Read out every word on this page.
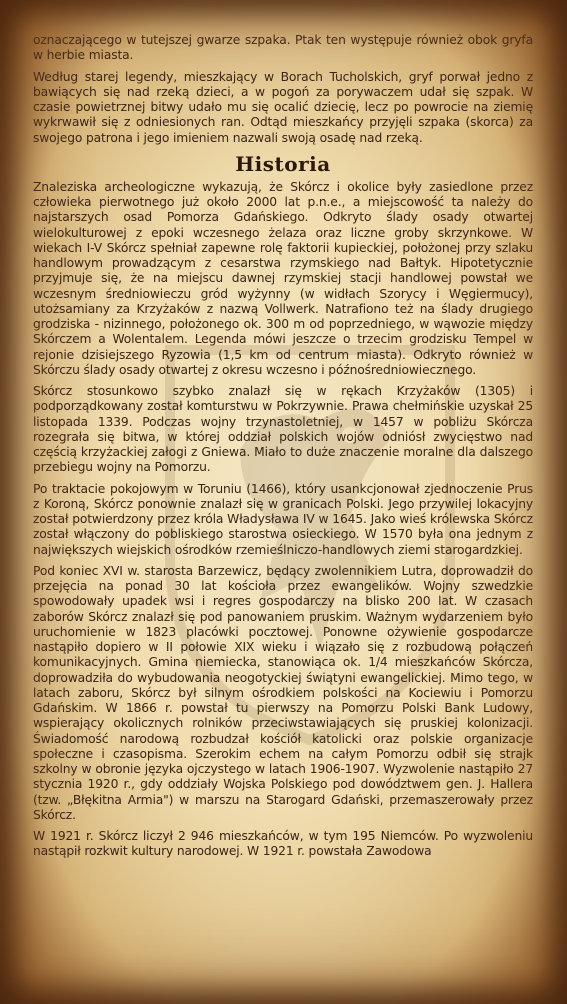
oznaczającego w tutejszej gwarze szpaka. Ptak ten występuje również obok gryfa w herbie miasta.

Według starej legendy, mieszkający w Borach Tucholskich, gryf porwał jedno z bawiących się nad rzeką dzieci, a w pogoń za porywaczem udał się szpak. W czasie powietrznej bitwy udało mu się ocalić dziecię, lecz po powrocie na ziemię wykrwawił się z odniesionych ran. Odtąd mieszkańcy przyjęli szpaka (skorca) za swojego patrona i jego imieniem nazwali swoją osadę nad rzeką.

Historia

Znaleziska archeologiczne wykazują, że Skórcz i okolice były zasiedlone przez człowieka pierwotnego już około 2000 lat p.n.e., a miejscowość ta należy do najstarszych osad Pomorza Gdańskiego. Odkryto ślady osady otwartej wielokulturowej z epoki wczesnego żelaza oraz liczne groby skrzynkowe. W wiekach I-V Skórcz spełniał zapewne rolę faktorii kupieckiej, położonej przy szlaku handlowym prowadzącym z cesarstwa rzymskiego nad Bałtyk. Hipotetycznie przyjmuje się, że na miejscu dawnej rzymskiej stacji handlowej powstał we wczesnym średniowieczu gród wyżynny (w widłach Szorycy i Węgiermucy), utożsamiany za Krzyżaków z nazwą Vollwerk. Natrafiono też na ślady drugiego grodziska - nizinnego, położonego ok. 300 m od poprzedniego, w wąwozie między Skórczem a Wolentalem. Legenda mówi jeszcze o trzecim grodzisku Tempel w rejonie dzisiejszego Ryzowia (1,5 km od centrum miasta). Odkryto również w Skórczu ślady osady otwartej z okresu wczesno i późnośredniowiecznego.

Skórcz stosunkowo szybko znalazł się w rękach Krzyżaków (1305) i podporządkowany został komturstwu w Pokrzywnie. Prawa chełmińskie uzyskał 25 listopada 1339. Podczas wojny trzynastoletniej, w 1457 w pobliżu Skórcza rozegrała się bitwa, w której oddział polskich wojów odniósł zwycięstwo nad częścią krzyżackiej załogi z Gniewa. Miało to duże znaczenie moralne dla dalszego przebiegu wojny na Pomorzu.

Po traktacie pokojowym w Toruniu (1466), który usankcjonował zjednoczenie Prus z Koroną, Skórcz ponownie znalazł się w granicach Polski. Jego przywilej lokacyjny został potwierdzony przez króla Władysława IV w 1645. Jako wieś królewska Skórcz został włączony do pobliskiego starostwa osieckiego. W 1570 była ona jednym z największych wiejskich ośrodków rzemieślniczo-handlowych ziemi starogardzkiej.

Pod koniec XVI w. starosta Barzewicz, będący zwolennikiem Lutra, doprowadził do przejęcia na ponad 30 lat kościoła przez ewangelików. Wojny szwedzkie spowodowały upadek wsi i regres gospodarczy na blisko 200 lat. W czasach zaborów Skórcz znalazł się pod panowaniem pruskim. Ważnym wydarzeniem było uruchomienie w 1823 placówki pocztowej. Ponowne ożywienie gospodarcze nastąpiło dopiero w II połowie XIX wieku i wiązało się z rozbudową połączeń komunikacyjnych. Gmina niemiecka, stanowiąca ok. 1/4 mieszkańców Skórcza, doprowadziła do wybudowania neogotyckiej świątyni ewangelickiej. Mimo tego, w latach zaboru, Skórcz był silnym ośrodkiem polskości na Kociewiu i Pomorzu Gdańskim. W 1866 r. powstał tu pierwszy na Pomorzu Polski Bank Ludowy, wspierający okolicznych rolników przeciwstawiających się pruskiej kolonizacji. Świadomość narodową rozbudzał kościół katolicki oraz polskie organizacje społeczne i czasopisma. Szerokim echem na całym Pomorzu odbił się strajk szkolny w obronie języka ojczystego w latach 1906-1907. Wyzwolenie nastąpiło 27 stycznia 1920 r., gdy oddziały Wojska Polskiego pod dowództwem gen. J. Hallera (tzw. „Błękitna Armia") w marszu na Starogard Gdański, przemaszerowały przez Skórcz.

W 1921 r. Skórcz liczył 2 946 mieszkańców, w tym 195 Niemców. Po wyzwoleniu nastąpił rozkwit kultury narodowej. W 1921 r. powstała Zawodowa
